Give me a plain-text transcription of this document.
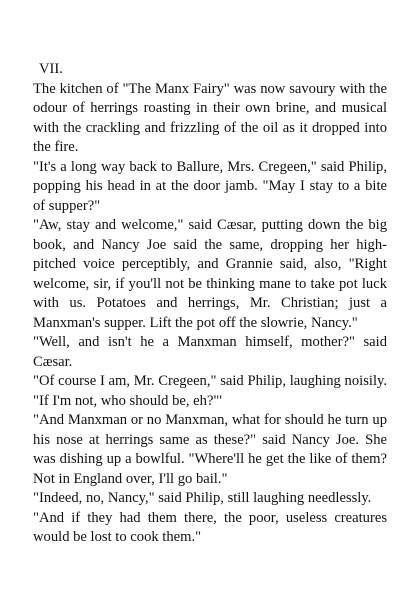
VII.

The kitchen of "The Manx Fairy" was now savoury with the odour of herrings roasting in their own brine, and musical with the crackling and frizzling of the oil as it dropped into the fire.

"It's a long way back to Ballure, Mrs. Cregeen," said Philip, popping his head in at the door jamb. "May I stay to a bite of supper?"

"Aw, stay and welcome," said Cæsar, putting down the big book, and Nancy Joe said the same, dropping her high-pitched voice perceptibly, and Grannie said, also, "Right welcome, sir, if you'll not be thinking mane to take pot luck with us. Potatoes and herrings, Mr. Christian; just a Manxman's supper. Lift the pot off the slowrie, Nancy."

"Well, and isn't he a Manxman himself, mother?" said Cæsar.

"Of course I am, Mr. Cregeen," said Philip, laughing noisily. "If I'm not, who should be, eh?"'

"And Manxman or no Manxman, what for should he turn up his nose at herrings same as these?" said Nancy Joe. She was dishing up a bowlful. "Where'll he get the like of them? Not in England over, I'll go bail."

"Indeed, no, Nancy," said Philip, still laughing needlessly.

"And if they had them there, the poor, useless creatures would be lost to cook them."
